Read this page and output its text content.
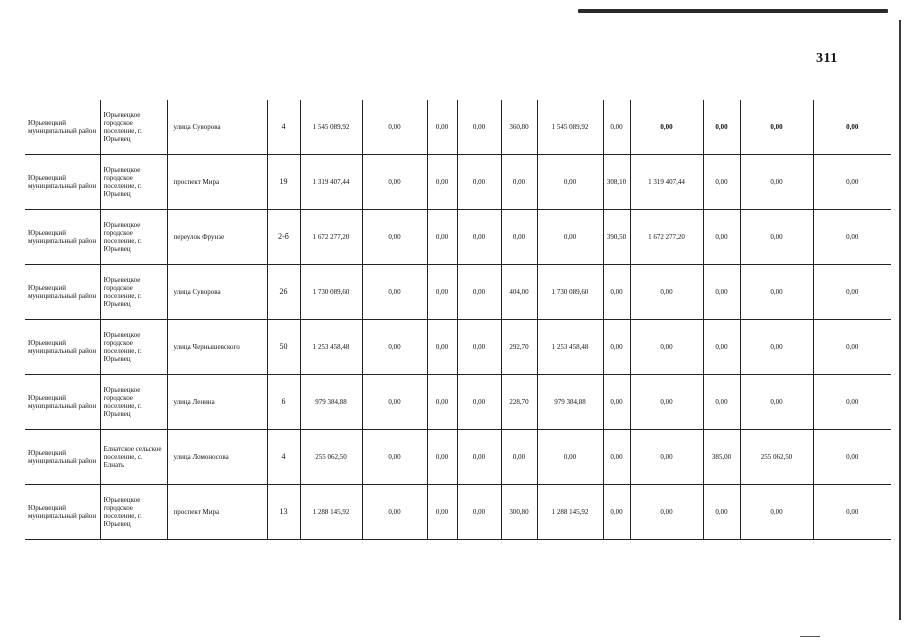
311
Юрьевецкий муниципальный район	Юрьевецкое городское поселение, г. Юрьевец	улица Суворова	4	1 545 089,92	0,00	0,00	0,00	360,80	1 545 089,92	0,00	0,00	0,00	0,00	0,00
Юрьевецкий муниципальный район	Юрьевецкое городское поселение, г. Юрьевец	проспект Мира	19	1 319 407,44	0,00	0,00	0,00	0,00	0,00	308,10	1 319 407,44	0,00	0,00	0,00
Юрьевецкий муниципальный район	Юрьевецкое городское поселение, г. Юрьевец	переулок Фрунзе	2-б	1 672 277,20	0,00	0,00	0,00	0,00	0,00	390,50	1 672 277,20	0,00	0,00	0,00
Юрьевецкий муниципальный район	Юрьевецкое городское поселение, г. Юрьевец	улица Суворова	26	1 730 089,60	0,00	0,00	0,00	404,00	1 730 089,60	0,00	0,00	0,00	0,00	0,00
Юрьевецкий муниципальный район	Юрьевецкое городское поселение, г. Юрьевец	улица Чернышевского	50	1 253 458,48	0,00	0,00	0,00	292,70	1 253 458,48	0,00	0,00	0,00	0,00	0,00
Юрьевецкий муниципальный район	Юрьевецкое городское поселение, г. Юрьевец	улица Ленина	6	979 384,88	0,00	0,00	0,00	228,70	979 384,88	0,00	0,00	0,00	0,00	0,00
Юрьевецкий муниципальный район	Елнатское сельское поселение, с. Елнать	улица Ломоносова	4	255 062,50	0,00	0,00	0,00	0,00	0,00	0,00	0,00	385,00	255 062,50	0,00
Юрьевецкий муниципальный район	Юрьевецкое городское поселение, г. Юрьевец	проспект Мира	13	1 288 145,92	0,00	0,00	0,00	300,80	1 288 145,92	0,00	0,00	0,00	0,00	0,00
